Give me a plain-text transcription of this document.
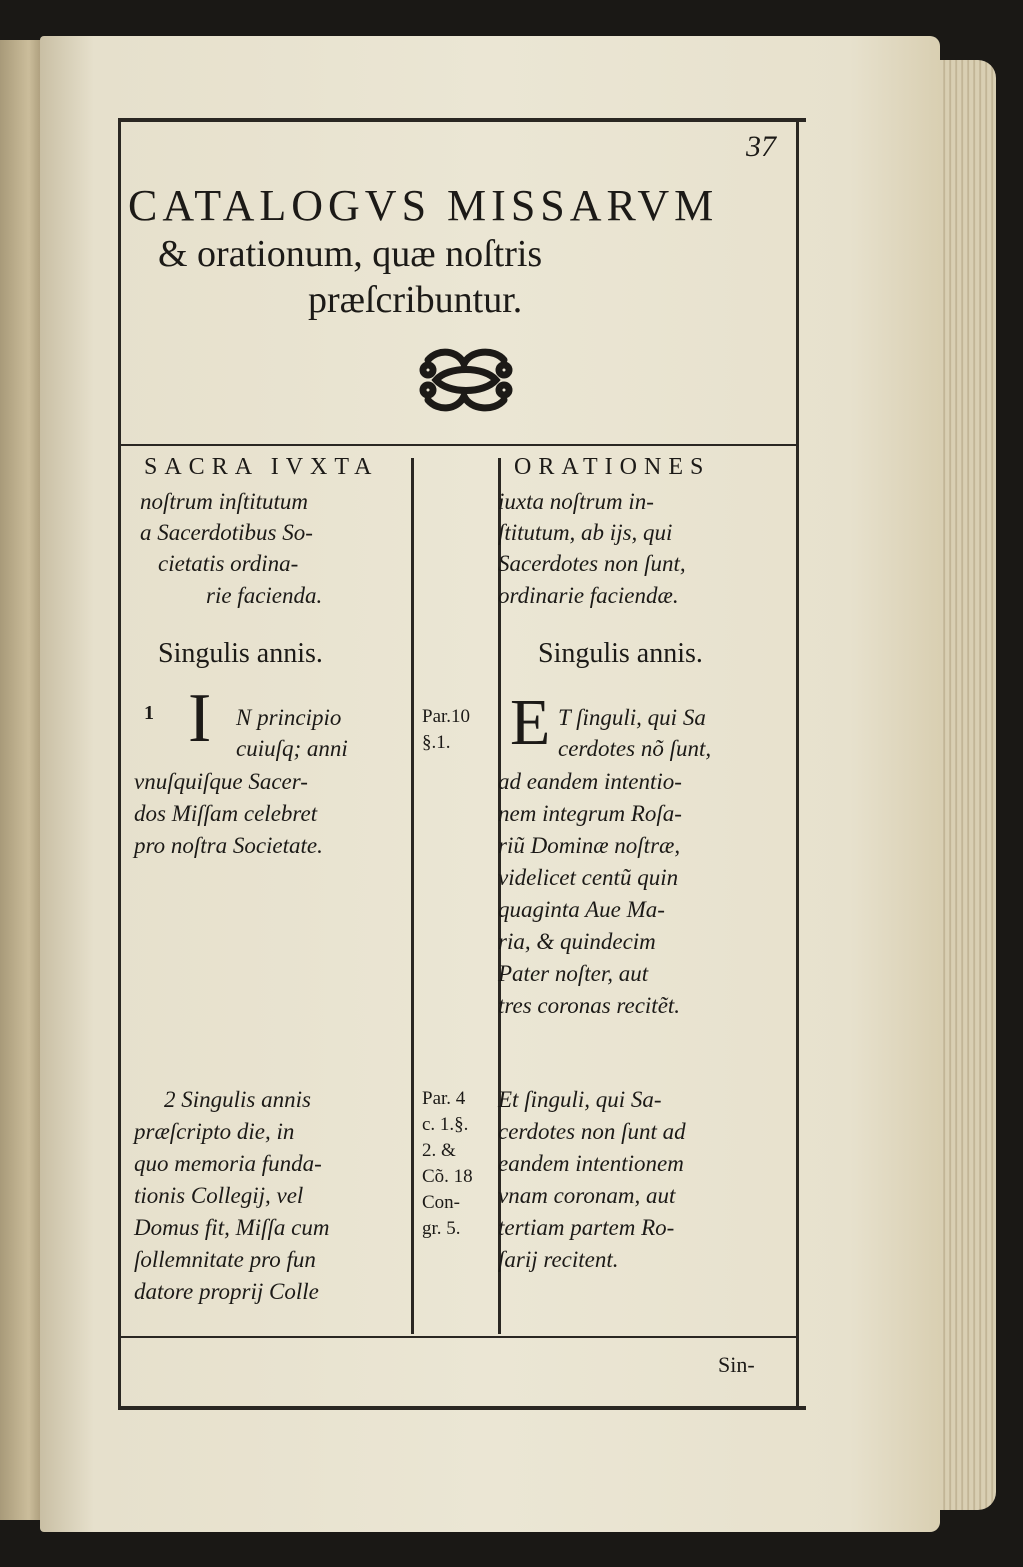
37
CATALOGVS MISSARVM
& orationum, quæ noſtris
præſcribuntur.
SACRA IVXTA
noſtrum inſtitutum
a Sacerdotibus So-
cietatis ordina-
rie facienda.
Singulis annis.
1 I N principio
cuiuſq; anni
vnuſquiſque Sacer-
dos Miſſam celebret
pro noſtra Societate.
2 Singulis annis
præſcripto die, in
quo memoria funda-
tionis Collegij, vel
Domus fit, Miſſa cum
ſollemnitate pro fun
datore proprij Colle
Par.10
§.1.
Par. 4
c. 1.§.
2. &
Cõ. 18
Con-
gr. 5.
ORATIONES
iuxta noſtrum in-
ſtitutum, ab ijs, qui
Sacerdotes non ſunt,
ordinarie faciendæ.
Singulis annis.
E T ſinguli, qui Sa
cerdotes nõ ſunt,
ad eandem intentio-
nem integrum Roſa-
riũ Dominæ noſtræ,
videlicet centũ quin
quaginta Aue Ma-
ria, & quindecim
Pater noſter, aut
tres coronas recitẽt.
Et ſinguli, qui Sa-
cerdotes non ſunt ad
eandem intentionem
vnam coronam, aut
tertiam partem Ro-
ſarij recitent.
Sin-
